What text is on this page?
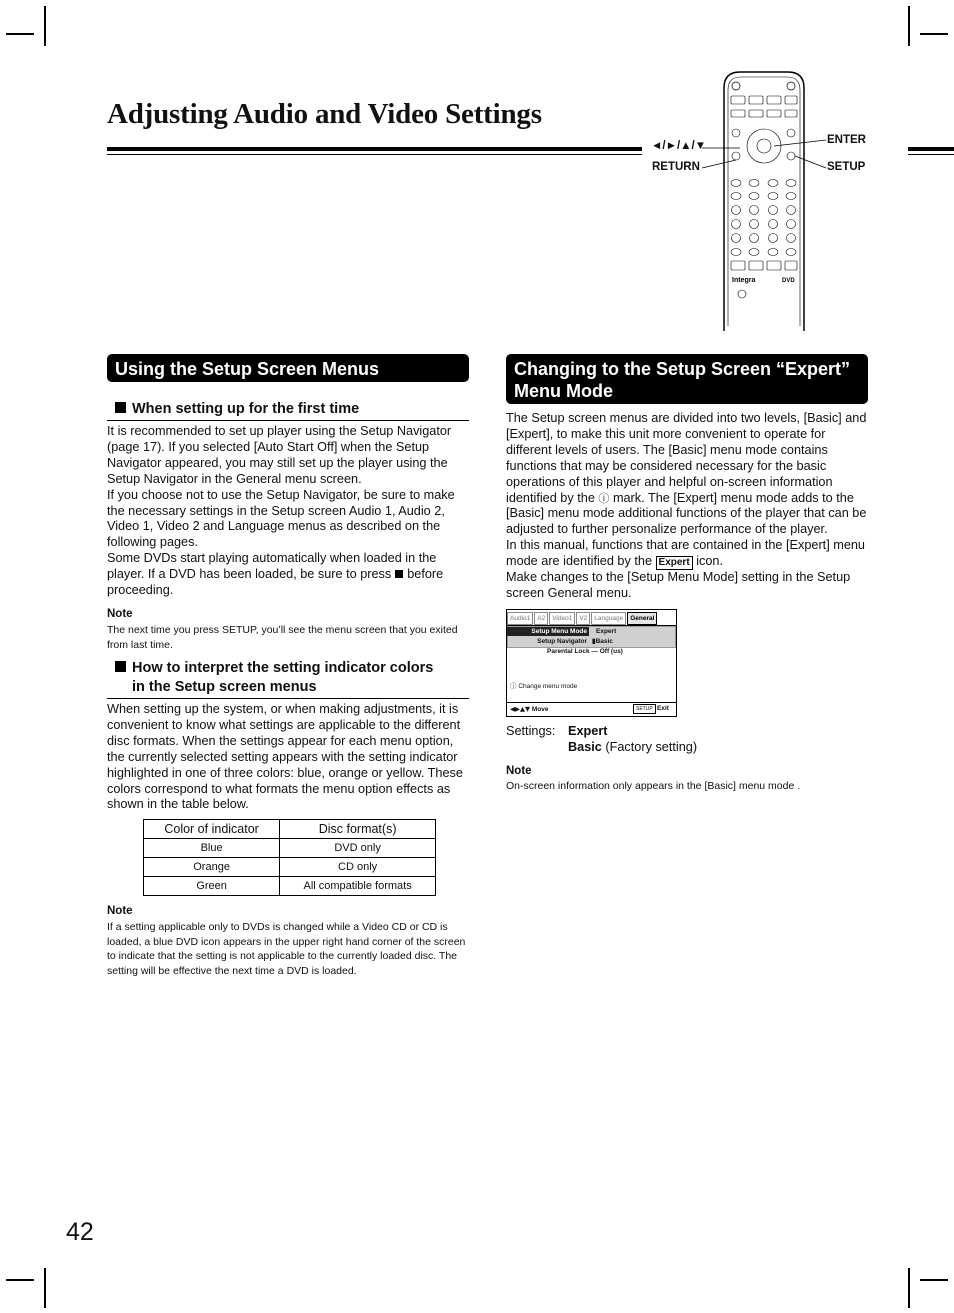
Adjusting Audio and Video Settings
Integra	DVD
◄/►/▲/▼
RETURN
ENTER
SETUP
Using the Setup Screen Menus
When setting up for the first time

It is recommended to set up player using the Setup Navigator (page 17). If you selected [Auto Start Off] when the Setup Navigator appeared, you may still set up the player using the Setup Navigator in the General menu screen.

If you choose not to use the Setup Navigator, be sure to make the necessary settings in the Setup screen Audio 1, Audio 2, Video 1, Video 2 and Language menus as described on the following pages.

Some DVDs start playing automatically when loaded in the player. If a DVD has been loaded, be sure to press before proceeding.

Note
The next time you press SETUP, you’ll see the menu screen that you exited from last time.
How to interpret the setting indicator colors
in the Setup screen menus

When setting up the system, or when making adjustments, it is convenient to know what settings are applicable to the different disc formats. When the settings appear for each menu option, the currently selected setting appears with the setting indicator highlighted in one of three colors: blue, orange or yellow. These colors correspond to what formats the menu option effects as shown in the table below.

Color of indicator	Disc format(s)
Blue	DVD only
Orange	CD only
Green	All compatible formats
Note
If a setting applicable only to DVDs is changed while a Video CD or CD is loaded, a blue DVD icon appears in the upper right hand corner of the screen to indicate that the setting is not applicable to the currently loaded disc. The setting will be effective the next time a DVD is loaded.
Changing to the Setup Screen “Expert”
Menu Mode

The Setup screen menus are divided into two levels, [Basic] and [Expert], to make this unit more convenient to operate for different levels of users. The [Basic] menu mode contains functions that may be considered necessary for the basic operations of this player and helpful on-screen information identified by the ⓘ mark. The [Expert] menu mode adds to the [Basic] menu mode additional functions of the player that can be adjusted to further personalize performance of the player.

In this manual, functions that are contained in the [Expert] menu mode are identified by the Expert icon.

Make changes to the [Setup Menu Mode] setting in the Setup screen General menu.

Audio1	A2	Video1	V2	Language	General
Setup Menu Mode	Expert
Setup Navigator ▮Basic
Parental Lock — Off (us)
ⓘ Change menu mode
◀▶▲▼ Move	SETUP Exit
Settings: Expert
Basic (Factory setting)
Note
On-screen information only appears in the [Basic] menu mode .
42
